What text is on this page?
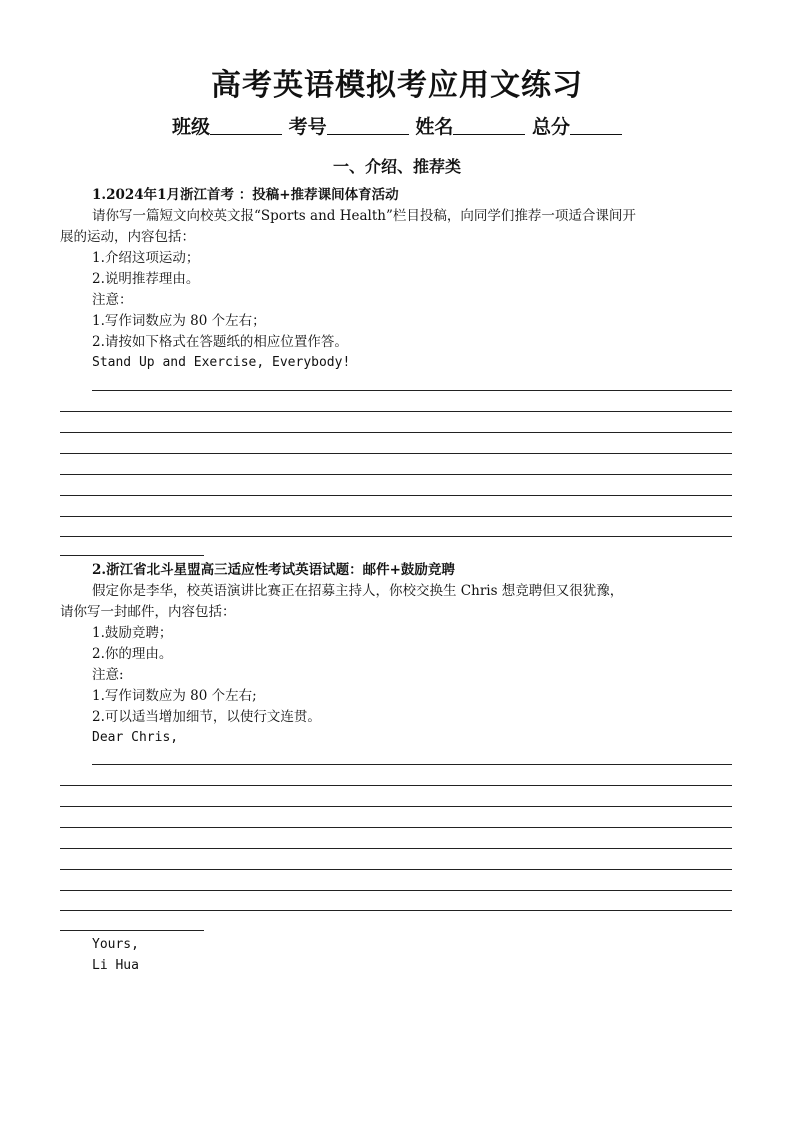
高考英语模拟考应用文练习
班级	考号	姓名	总分
一、介绍、推荐类
1.2024年1月浙江首考 ：投稿+推荐课间体育活动
请你写一篇短文向校英文报“Sports and Health”栏目投稿，向同学们推荐一项适合课间开
展的运动，内容包括：
1.介绍这项运动；
2.说明推荐理由。
注意：
1.写作词数应为 80 个左右；
2.请按如下格式在答题纸的相应位置作答。
Stand Up and Exercise, Everybody!
2.浙江省北斗星盟高三适应性考试英语试题：邮件+鼓励竞聘
假定你是李华，校英语演讲比赛正在招募主持人，你校交换生 Chris 想竞聘但又很犹豫，
请你写一封邮件，内容包括：
1.鼓励竞聘；
2.你的理由。
注意:
1.写作词数应为 80 个左右;
2.可以适当增加细节，以使行文连贯。
Dear Chris,
Yours,
Li Hua
